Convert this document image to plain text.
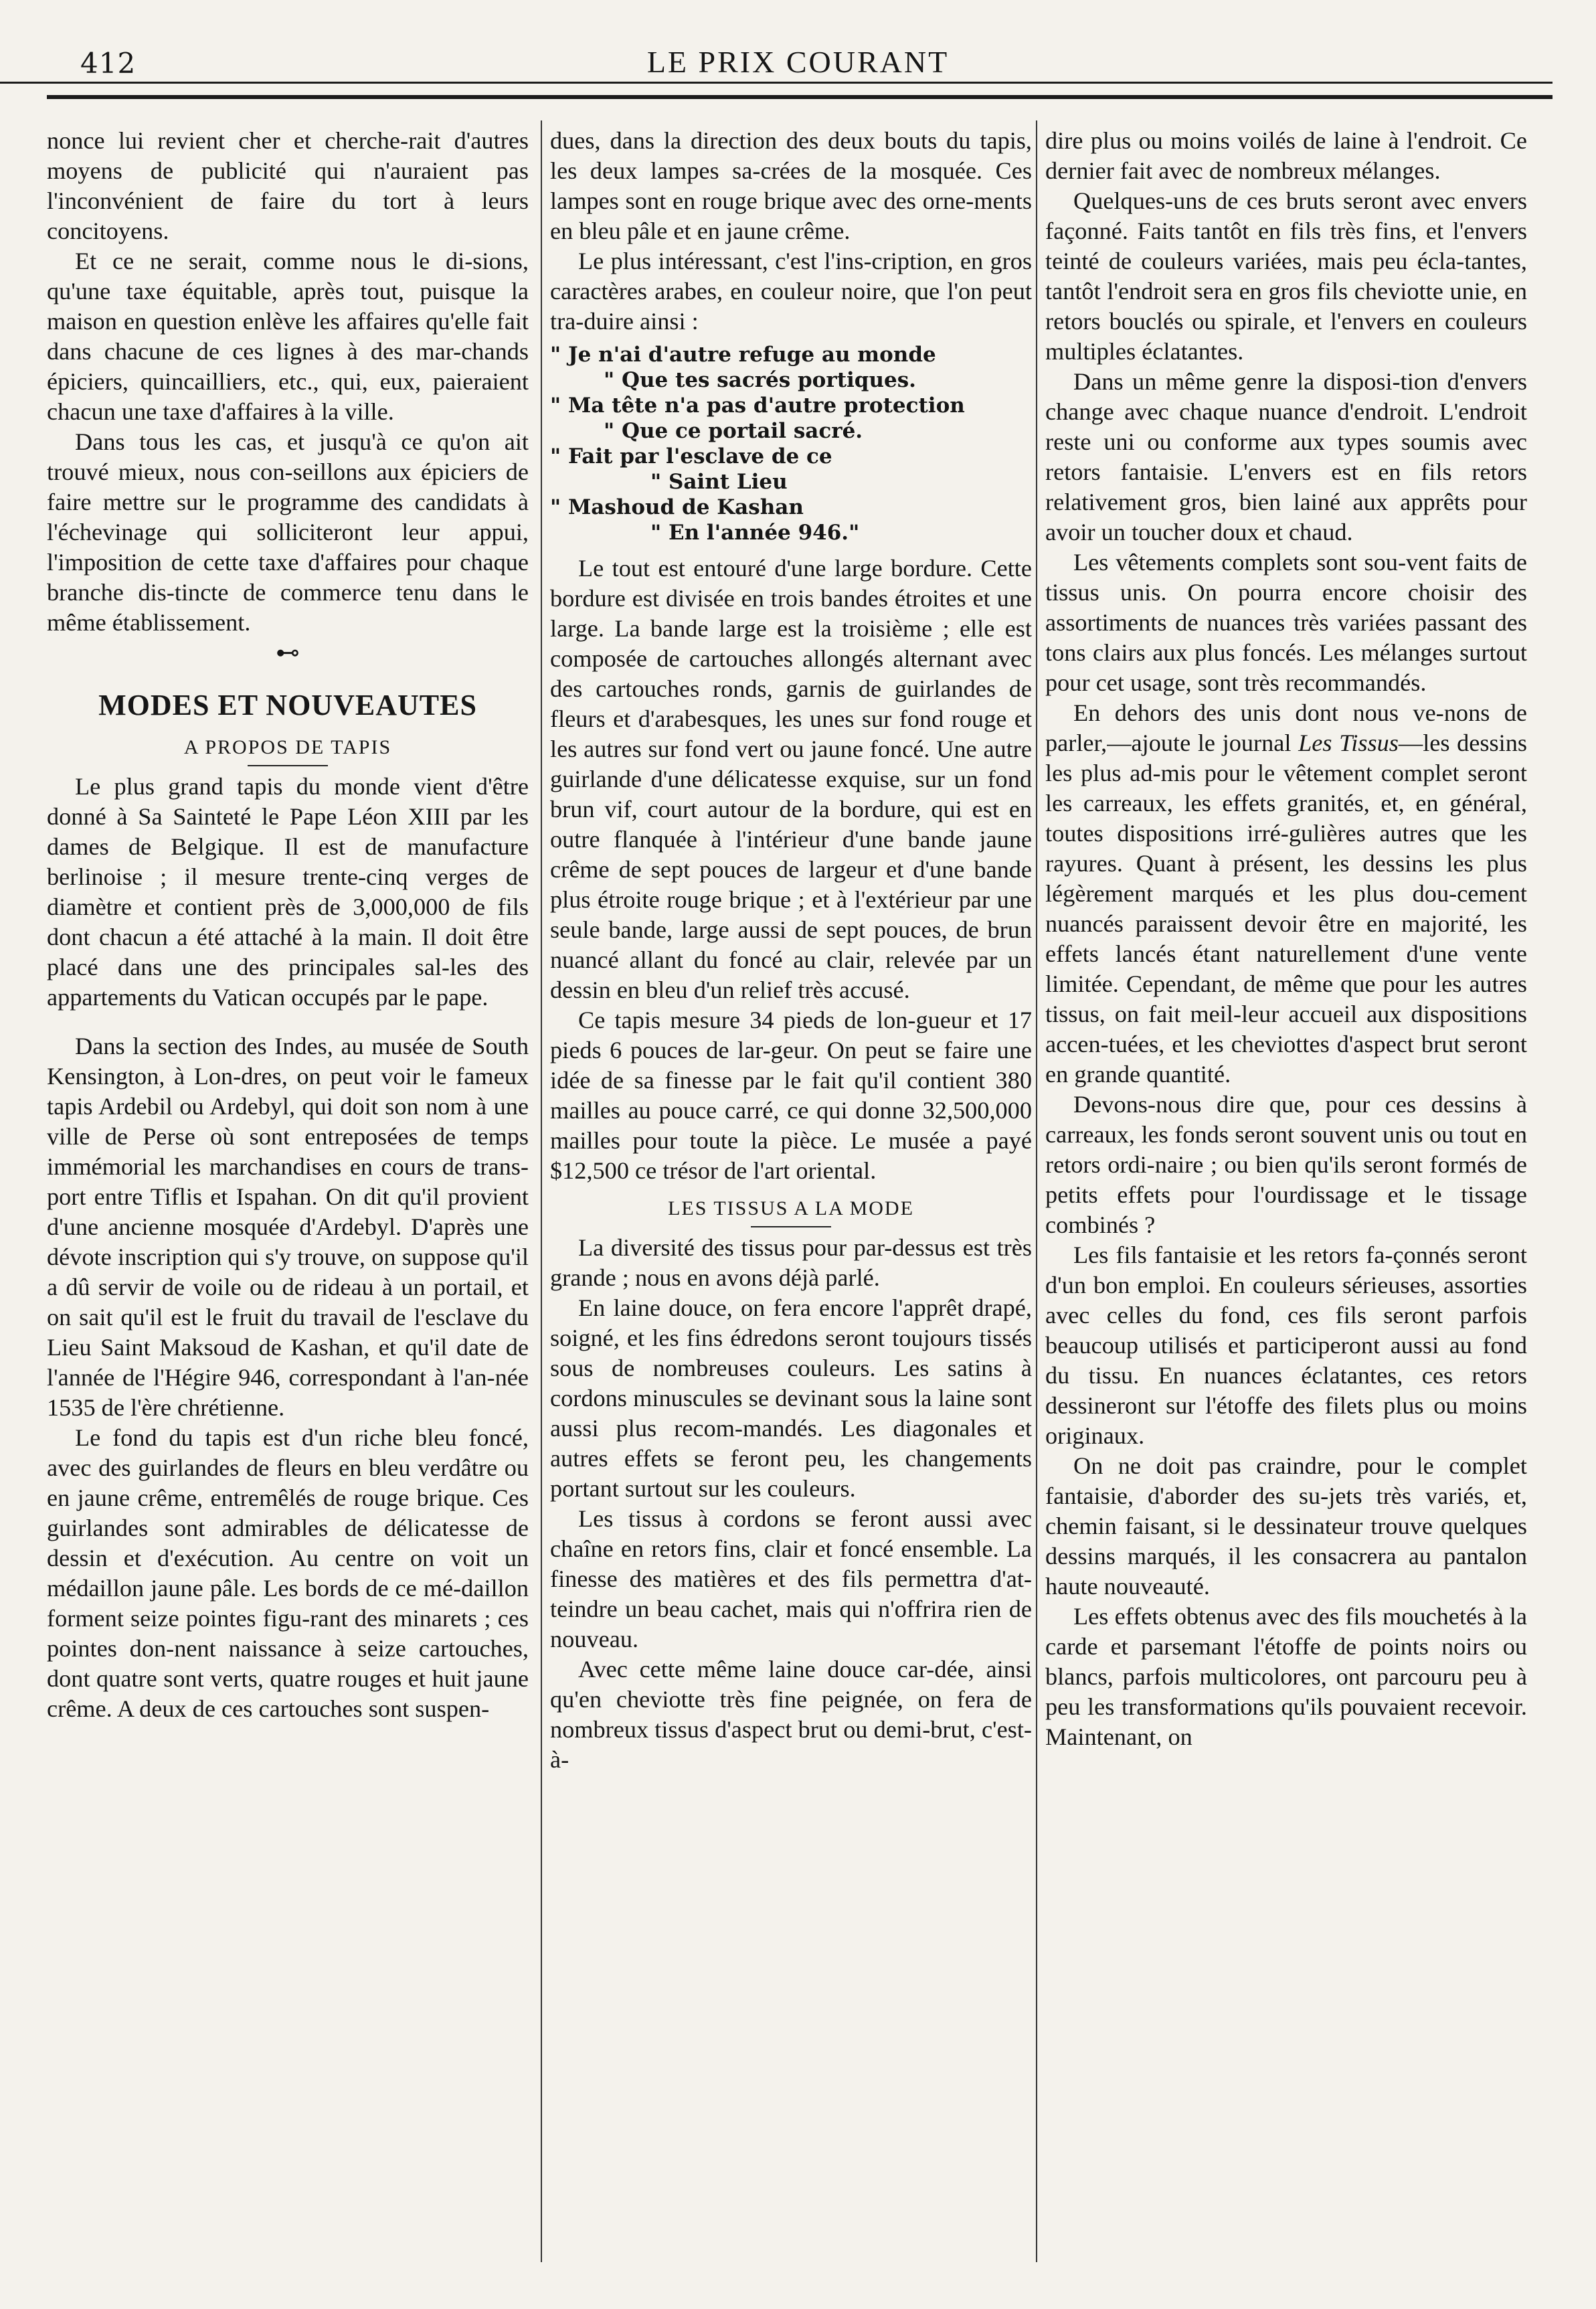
412	LE PRIX COURANT

nonce lui revient cher et cherche-rait d'autres moyens de publicité qui n'auraient pas l'inconvénient de faire du tort à leurs concitoyens.

Et ce ne serait, comme nous le di-sions, qu'une taxe équitable, après tout, puisque la maison en question enlève les affaires qu'elle fait dans chacune de ces lignes à des mar-chands épiciers, quincailliers, etc., qui, eux, paieraient chacun une taxe d'affaires à la ville.

Dans tous les cas, et jusqu'à ce qu'on ait trouvé mieux, nous con-seillons aux épiciers de faire mettre sur le programme des candidats à l'échevinage qui solliciteront leur appui, l'imposition de cette taxe d'affaires pour chaque branche dis-tincte de commerce tenu dans le même établissement.

⊷
MODES ET NOUVEAUTES
A PROPOS DE TAPIS

Le plus grand tapis du monde vient d'être donné à Sa Sainteté le Pape Léon XIII par les dames de Belgique. Il est de manufacture berlinoise ; il mesure trente-cinq verges de diamètre et contient près de 3,000,000 de fils dont chacun a été attaché à la main. Il doit être placé dans une des principales sal-les des appartements du Vatican occupés par le pape.

Dans la section des Indes, au musée de South Kensington, à Lon-dres, on peut voir le fameux tapis Ardebil ou Ardebyl, qui doit son nom à une ville de Perse où sont entreposées de temps immémorial les marchandises en cours de trans-port entre Tiflis et Ispahan. On dit qu'il provient d'une ancienne mosquée d'Ardebyl. D'après une dévote inscription qui s'y trouve, on suppose qu'il a dû servir de voile ou de rideau à un portail, et on sait qu'il est le fruit du travail de l'esclave du Lieu Saint Maksoud de Kashan, et qu'il date de l'année de l'Hégire 946, correspondant à l'an-née 1535 de l'ère chrétienne.

Le fond du tapis est d'un riche bleu foncé, avec des guirlandes de fleurs en bleu verdâtre ou en jaune crême, entremêlés de rouge brique. Ces guirlandes sont admirables de délicatesse de dessin et d'exécution. Au centre on voit un médaillon jaune pâle. Les bords de ce mé-daillon forment seize pointes figu-rant des minarets ; ces pointes don-nent naissance à seize cartouches, dont quatre sont verts, quatre rouges et huit jaune crême. A deux de ces cartouches sont suspen-

dues, dans la direction des deux bouts du tapis, les deux lampes sa-crées de la mosquée. Ces lampes sont en rouge brique avec des orne-ments en bleu pâle et en jaune crême.

Le plus intéressant, c'est l'ins-cription, en gros caractères arabes, en couleur noire, que l'on peut tra-duire ainsi :

" Je n'ai d'autre refuge au monde
" Que tes sacrés portiques.
" Ma tête n'a pas d'autre protection
" Que ce portail sacré.
" Fait par l'esclave de ce
" Saint Lieu
" Mashoud de Kashan
" En l'année 946."

Le tout est entouré d'une large bordure. Cette bordure est divisée en trois bandes étroites et une large. La bande large est la troisième ; elle est composée de cartouches allongés alternant avec des cartouches ronds, garnis de guirlandes de fleurs et d'arabesques, les unes sur fond rouge et les autres sur fond vert ou jaune foncé. Une autre guirlande d'une délicatesse exquise, sur un fond brun vif, court autour de la bordure, qui est en outre flanquée à l'intérieur d'une bande jaune crême de sept pouces de largeur et d'une bande plus étroite rouge brique ; et à l'extérieur par une seule bande, large aussi de sept pouces, de brun nuancé allant du foncé au clair, relevée par un dessin en bleu d'un relief très accusé.

Ce tapis mesure 34 pieds de lon-gueur et 17 pieds 6 pouces de lar-geur. On peut se faire une idée de sa finesse par le fait qu'il contient 380 mailles au pouce carré, ce qui donne 32,500,000 mailles pour toute la pièce. Le musée a payé $12,500 ce trésor de l'art oriental.

LES TISSUS A LA MODE

La diversité des tissus pour par-dessus est très grande ; nous en avons déjà parlé.

En laine douce, on fera encore l'apprêt drapé, soigné, et les fins édredons seront toujours tissés sous de nombreuses couleurs. Les satins à cordons minuscules se devinant sous la laine sont aussi plus recom-mandés. Les diagonales et autres effets se feront peu, les changements portant surtout sur les couleurs.

Les tissus à cordons se feront aussi avec chaîne en retors fins, clair et foncé ensemble. La finesse des matières et des fils permettra d'at-teindre un beau cachet, mais qui n'offrira rien de nouveau.

Avec cette même laine douce car-dée, ainsi qu'en cheviotte très fine peignée, on fera de nombreux tissus d'aspect brut ou demi-brut, c'est-à-

dire plus ou moins voilés de laine à l'endroit. Ce dernier fait avec de nombreux mélanges.

Quelques-uns de ces bruts seront avec envers façonné. Faits tantôt en fils très fins, et l'envers teinté de couleurs variées, mais peu écla-tantes, tantôt l'endroit sera en gros fils cheviotte unie, en retors bouclés ou spirale, et l'envers en couleurs multiples éclatantes.

Dans un même genre la disposi-tion d'envers change avec chaque nuance d'endroit. L'endroit reste uni ou conforme aux types soumis avec retors fantaisie. L'envers est en fils retors relativement gros, bien lainé aux apprêts pour avoir un toucher doux et chaud.

Les vêtements complets sont sou-vent faits de tissus unis. On pourra encore choisir des assortiments de nuances très variées passant des tons clairs aux plus foncés. Les mélanges surtout pour cet usage, sont très recommandés.

En dehors des unis dont nous ve-nons de parler,—ajoute le journal Les Tissus—les dessins les plus ad-mis pour le vêtement complet seront les carreaux, les effets granités, et, en général, toutes dispositions irré-gulières autres que les rayures. Quant à présent, les dessins les plus légèrement marqués et les plus dou-cement nuancés paraissent devoir être en majorité, les effets lancés étant naturellement d'une vente limitée. Cependant, de même que pour les autres tissus, on fait meil-leur accueil aux dispositions accen-tuées, et les cheviottes d'aspect brut seront en grande quantité.

Devons-nous dire que, pour ces dessins à carreaux, les fonds seront souvent unis ou tout en retors ordi-naire ; ou bien qu'ils seront formés de petits effets pour l'ourdissage et le tissage combinés ?

Les fils fantaisie et les retors fa-çonnés seront d'un bon emploi. En couleurs sérieuses, assorties avec celles du fond, ces fils seront parfois beaucoup utilisés et participeront aussi au fond du tissu. En nuances éclatantes, ces retors dessineront sur l'étoffe des filets plus ou moins originaux.

On ne doit pas craindre, pour le complet fantaisie, d'aborder des su-jets très variés, et, chemin faisant, si le dessinateur trouve quelques dessins marqués, il les consacrera au pantalon haute nouveauté.

Les effets obtenus avec des fils mouchetés à la carde et parsemant l'étoffe de points noirs ou blancs, parfois multicolores, ont parcouru peu à peu les transformations qu'ils pouvaient recevoir. Maintenant, on
